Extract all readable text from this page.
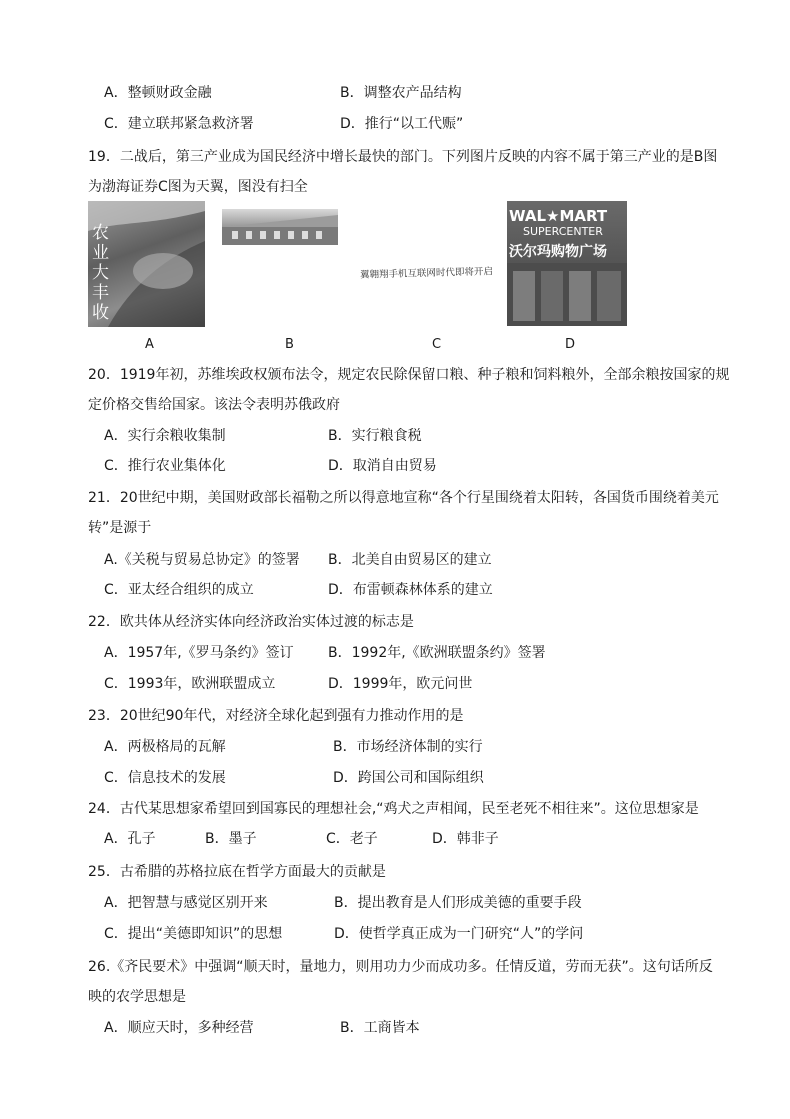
A．整顿财政金融	B．调整农产品结构
C．建立联邦紧急救济署	D．推行“以工代赈”
19．二战后，第三产业成为国民经济中增长最快的部门。下列图片反映的内容不属于第三产业的是B图
为渤海证券C图为天翼，图没有扫全
农业大丰收
翼翱翔手机互联网时代即将开启
WAL★MART
SUPERCENTER
沃尔玛购物广场
A	B	C	D
20．1919年初，苏维埃政权颁布法令，规定农民除保留口粮、种子粮和饲料粮外，全部余粮按国家的规
定价格交售给国家。该法令表明苏俄政府
A．实行余粮收集制	B．实行粮食税
C．推行农业集体化	D．取消自由贸易
21．20世纪中期，美国财政部长福勒之所以得意地宣称“各个行星围绕着太阳转，各国货币围绕着美元
转”是源于
A.《关税与贸易总协定》的签署 B．北美自由贸易区的建立
C．亚太经合组织的成立	D．布雷顿森林体系的建立
22．欧共体从经济实体向经济政治实体过渡的标志是
A．1957年,《罗马条约》签订 B．1992年,《欧洲联盟条约》签署
C．1993年，欧洲联盟成立	D．1999年，欧元问世
23．20世纪90年代，对经济全球化起到强有力推动作用的是
A．两极格局的瓦解	B．市场经济体制的实行
C．信息技术的发展	D．跨国公司和国际组织
24．古代某思想家希望回到国寡民的理想社会,“鸡犬之声相闻，民至老死不相往来”。这位思想家是
A．孔子	B．墨子	C．老子	D．韩非子
25．古希腊的苏格拉底在哲学方面最大的贡献是
A．把智慧与感觉区别开来	B．提出教育是人们形成美德的重要手段
C．提出“美德即知识”的思想	D．使哲学真正成为一门研究“人”的学问
26.《齐民要术》中强调“顺天时，量地力，则用功力少而成功多。任情反道，劳而无获”。这句话所反
映的农学思想是
A．顺应天时，多种经营	B．工商皆本
